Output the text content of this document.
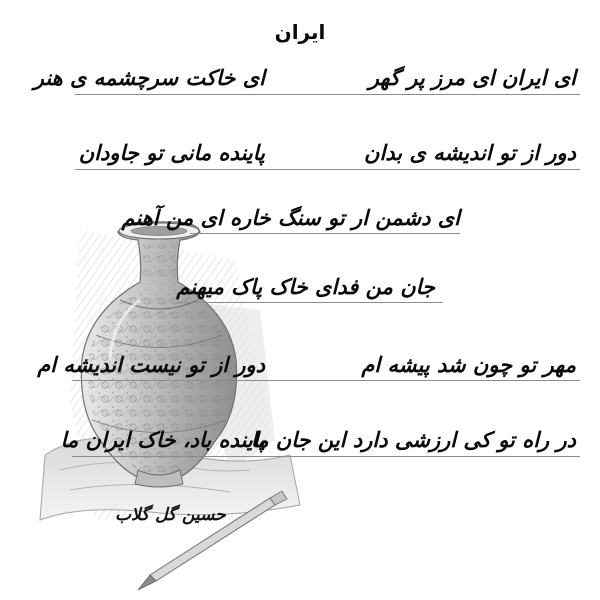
ایران
ای ایران ای مرز پر گهر
ای خاکت سرچشمه ی هنر
دور از تو اندیشه ی بدان
پاینده مانی تو جاودان
ای دشمن ار تو سنگ خاره ای من آهنم
جان من فدای خاک پاک میهنم
مهر تو چون شد پیشه ام
دور از تو نیست اندیشه ام
در راه تو کی ارزشی دارد این جان ما
پاینده باد، خاک ایران ما
حسین گل گلاب
